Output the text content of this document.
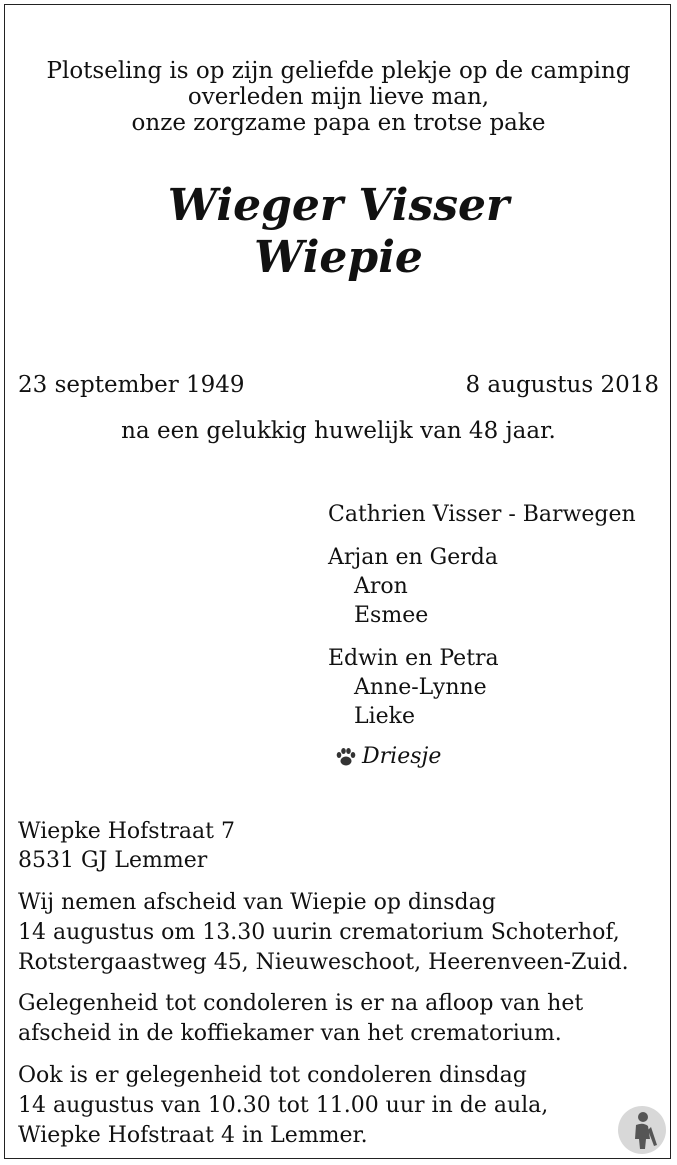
Plotseling is op zijn geliefde plekje op de camping
overleden mijn lieve man,
onze zorgzame papa en trotse pake
Wieger Visser
Wiepie
23 september 1949	8 augustus 2018
na een gelukkig huwelijk van 48 jaar.
Cathrien Visser - Barwegen
Arjan en Gerda
Aron
Esmee
Edwin en Petra
Anne-Lynne
Lieke
Driesje
Wiepke Hofstraat 7
8531 GJ Lemmer
Wij nemen afscheid van Wiepie op dinsdag
14 augustus om 13.30 uurin crematorium Schoterhof,
Rotstergaastweg 45, Nieuweschoot, Heerenveen-Zuid.
Gelegenheid tot condoleren is er na afloop van het
afscheid in de koffiekamer van het crematorium.
Ook is er gelegenheid tot condoleren dinsdag
14 augustus van 10.30 tot 11.00 uur in de aula,
Wiepke Hofstraat 4 in Lemmer.
